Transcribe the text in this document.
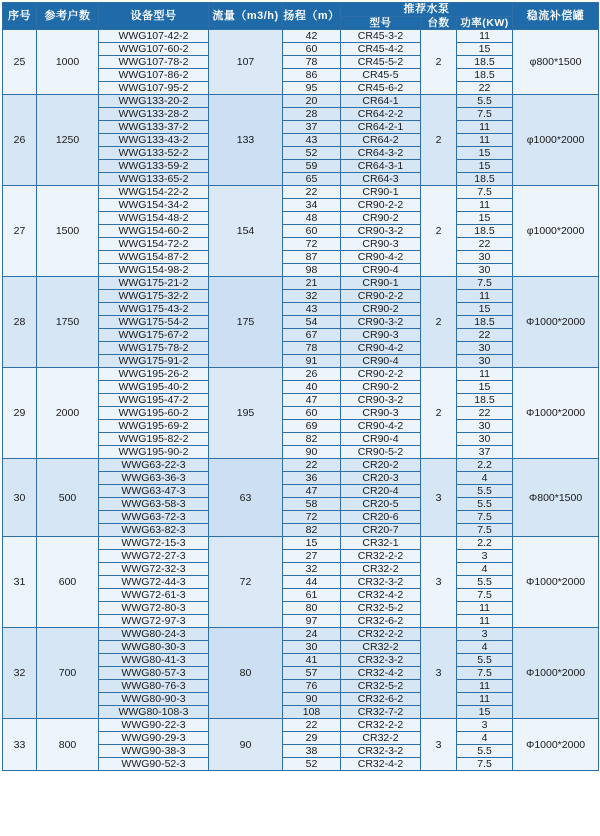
序号	参考户数	设备型号	流量（m3/h)	扬程（m）	推荐水泵			稳流补偿罐
					型号	台数	功率(KW)	
25	1000	WWG107-42-2	107	42	CR45-3-2	2	11	φ800*1500
		WWG107-60-2		60	CR45-4-2		15	
		WWG107-78-2		78	CR45-5-2		18.5	
		WWG107-86-2		86	CR45-5		18.5	
		WWG107-95-2		95	CR45-6-2		22	
26	1250	WWG133-20-2	133	20	CR64-1	2	5.5	φ1000*2000
		WWG133-28-2		28	CR64-2-2		7.5	
		WWG133-37-2		37	CR64-2-1		11	
		WWG133-43-2		43	CR64-2		11	
		WWG133-52-2		52	CR64-3-2		15	
		WWG133-59-2		59	CR64-3-1		15	
		WWG133-65-2		65	CR64-3		18.5	
27	1500	WWG154-22-2	154	22	CR90-1	2	7.5	φ1000*2000
		WWG154-34-2		34	CR90-2-2		11	
		WWG154-48-2		48	CR90-2		15	
		WWG154-60-2		60	CR90-3-2		18.5	
		WWG154-72-2		72	CR90-3		22	
		WWG154-87-2		87	CR90-4-2		30	
		WWG154-98-2		98	CR90-4		30	
28	1750	WWG175-21-2	175	21	CR90-1	2	7.5	Φ1000*2000
		WWG175-32-2		32	CR90-2-2		11	
		WWG175-43-2		43	CR90-2		15	
		WWG175-54-2		54	CR90-3-2		18.5	
		WWG175-67-2		67	CR90-3		22	
		WWG175-78-2		78	CR90-4-2		30	
		WWG175-91-2		91	CR90-4		30	
29	2000	WWG195-26-2	195	26	CR90-2-2	2	11	Φ1000*2000
		WWG195-40-2		40	CR90-2		15	
		WWG195-47-2		47	CR90-3-2		18.5	
		WWG195-60-2		60	CR90-3		22	
		WWG195-69-2		69	CR90-4-2		30	
		WWG195-82-2		82	CR90-4		30	
		WWG195-90-2		90	CR90-5-2		37	
30	500	WWG63-22-3	63	22	CR20-2	3	2.2	Φ800*1500
		WWG63-36-3		36	CR20-3		4	
		WWG63-47-3		47	CR20-4		5.5	
		WWG63-58-3		58	CR20-5		5.5	
		WWG63-72-3		72	CR20-6		7.5	
		WWG63-82-3		82	CR20-7		7.5	
31	600	WWG72-15-3	72	15	CR32-1	3	2.2	Φ1000*2000
		WWG72-27-3		27	CR32-2-2		3	
		WWG72-32-3		32	CR32-2		4	
		WWG72-44-3		44	CR32-3-2		5.5	
		WWG72-61-3		61	CR32-4-2		7.5	
		WWG72-80-3		80	CR32-5-2		11	
		WWG72-97-3		97	CR32-6-2		11	
32	700	WWG80-24-3	80	24	CR32-2-2	3	3	Φ1000*2000
		WWG80-30-3		30	CR32-2		4	
		WWG80-41-3		41	CR32-3-2		5.5	
		WWG80-57-3		57	CR32-4-2		7.5	
		WWG80-76-3		76	CR32-5-2		11	
		WWG80-90-3		90	CR32-6-2		11	
		WWG80-108-3		108	CR32-7-2		15	
33	800	WWG90-22-3	90	22	CR32-2-2	3	3	Φ1000*2000
		WWG90-29-3		29	CR32-2		4	
		WWG90-38-3		38	CR32-3-2		5.5	
		WWG90-52-3		52	CR32-4-2		7.5	
